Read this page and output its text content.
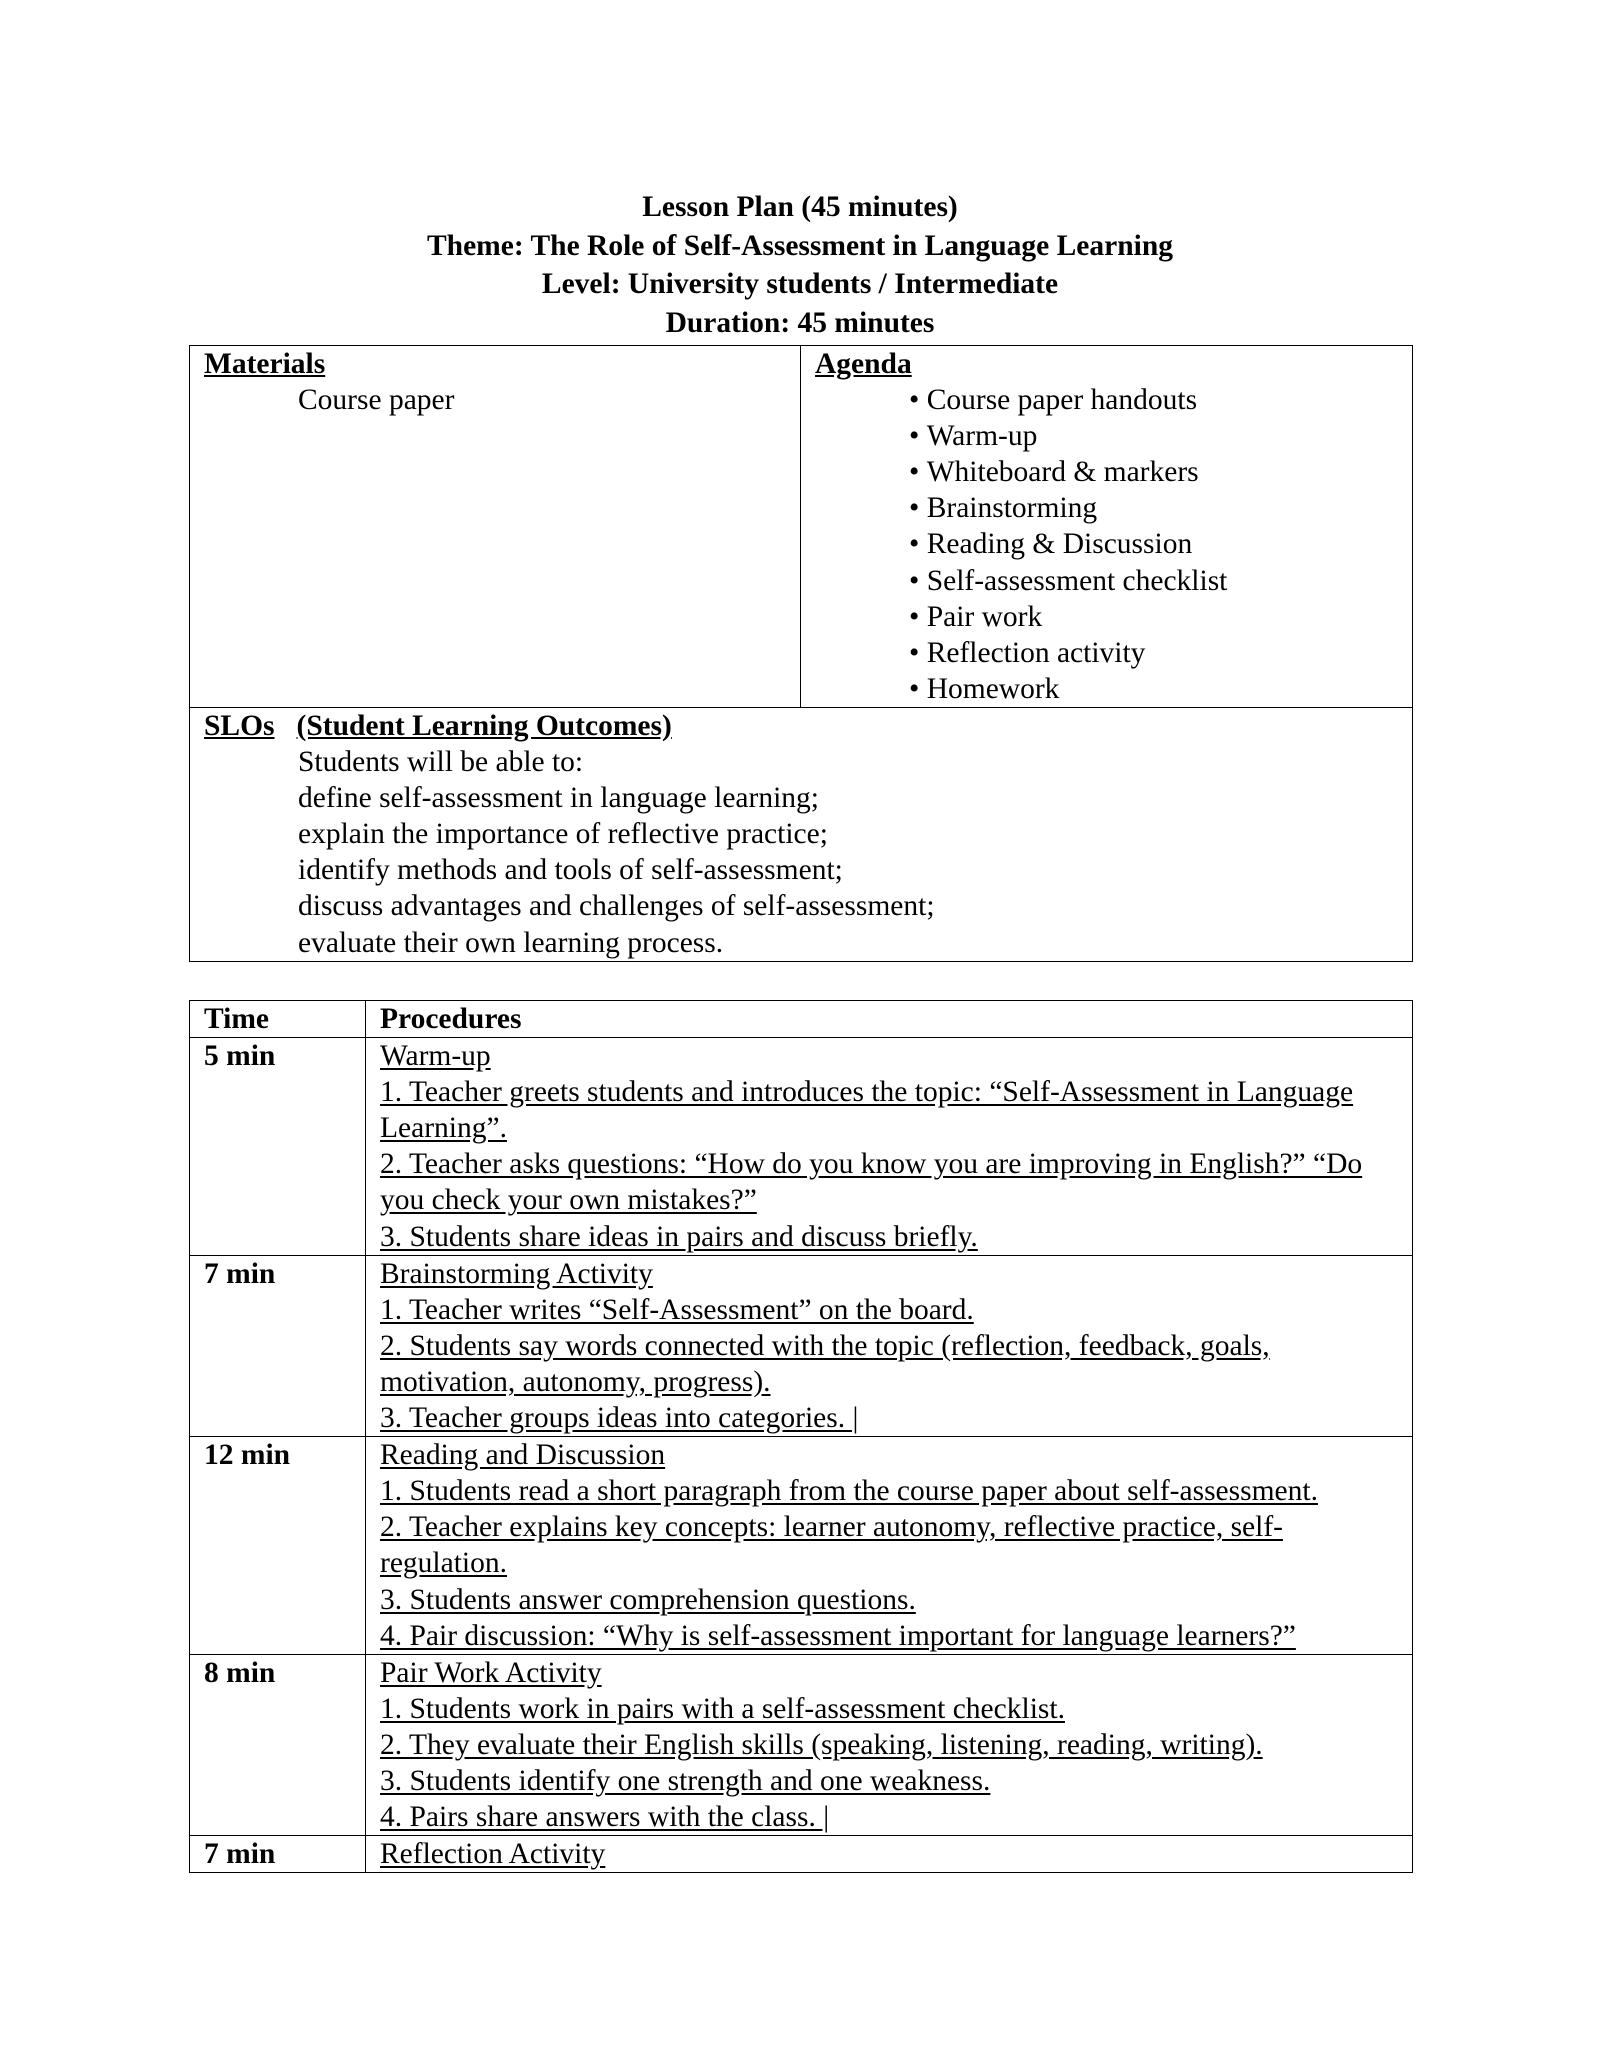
Lesson Plan (45 minutes)
Theme: The Role of Self-Assessment in Language Learning
Level: University students / Intermediate
Duration: 45 minutes
Materials
Course paper

Agenda
• Course paper handouts
• Warm-up
• Whiteboard & markers
• Brainstorming
• Reading & Discussion
• Self-assessment checklist
• Pair work
• Reflection activity
• Homework

SLOs (Student Learning Outcomes)
Students will be able to:
define self-assessment in language learning;
explain the importance of reflective practice;
identify methods and tools of self-assessment;
discuss advantages and challenges of self-assessment;
evaluate their own learning process.
Time	Procedures
5 min	Warm-up
1. Teacher greets students and introduces the topic: “Self-Assessment in Language Learning”.
2. Teacher asks questions: “How do you know you are improving in English?” “Do you check your own mistakes?”
3. Students share ideas in pairs and discuss briefly.

7 min	Brainstorming Activity
1. Teacher writes “Self-Assessment” on the board.
2. Students say words connected with the topic (reflection, feedback, goals, motivation, autonomy, progress).
3. Teacher groups ideas into categories. |

12 min	Reading and Discussion
1. Students read a short paragraph from the course paper about self-assessment.
2. Teacher explains key concepts: learner autonomy, reflective practice, self-regulation.
3. Students answer comprehension questions.
4. Pair discussion: “Why is self-assessment important for language learners?”

8 min	Pair Work Activity
1. Students work in pairs with a self-assessment checklist.
2. They evaluate their English skills (speaking, listening, reading, writing).
3. Students identify one strength and one weakness.
4. Pairs share answers with the class. |

7 min	Reflection Activity
